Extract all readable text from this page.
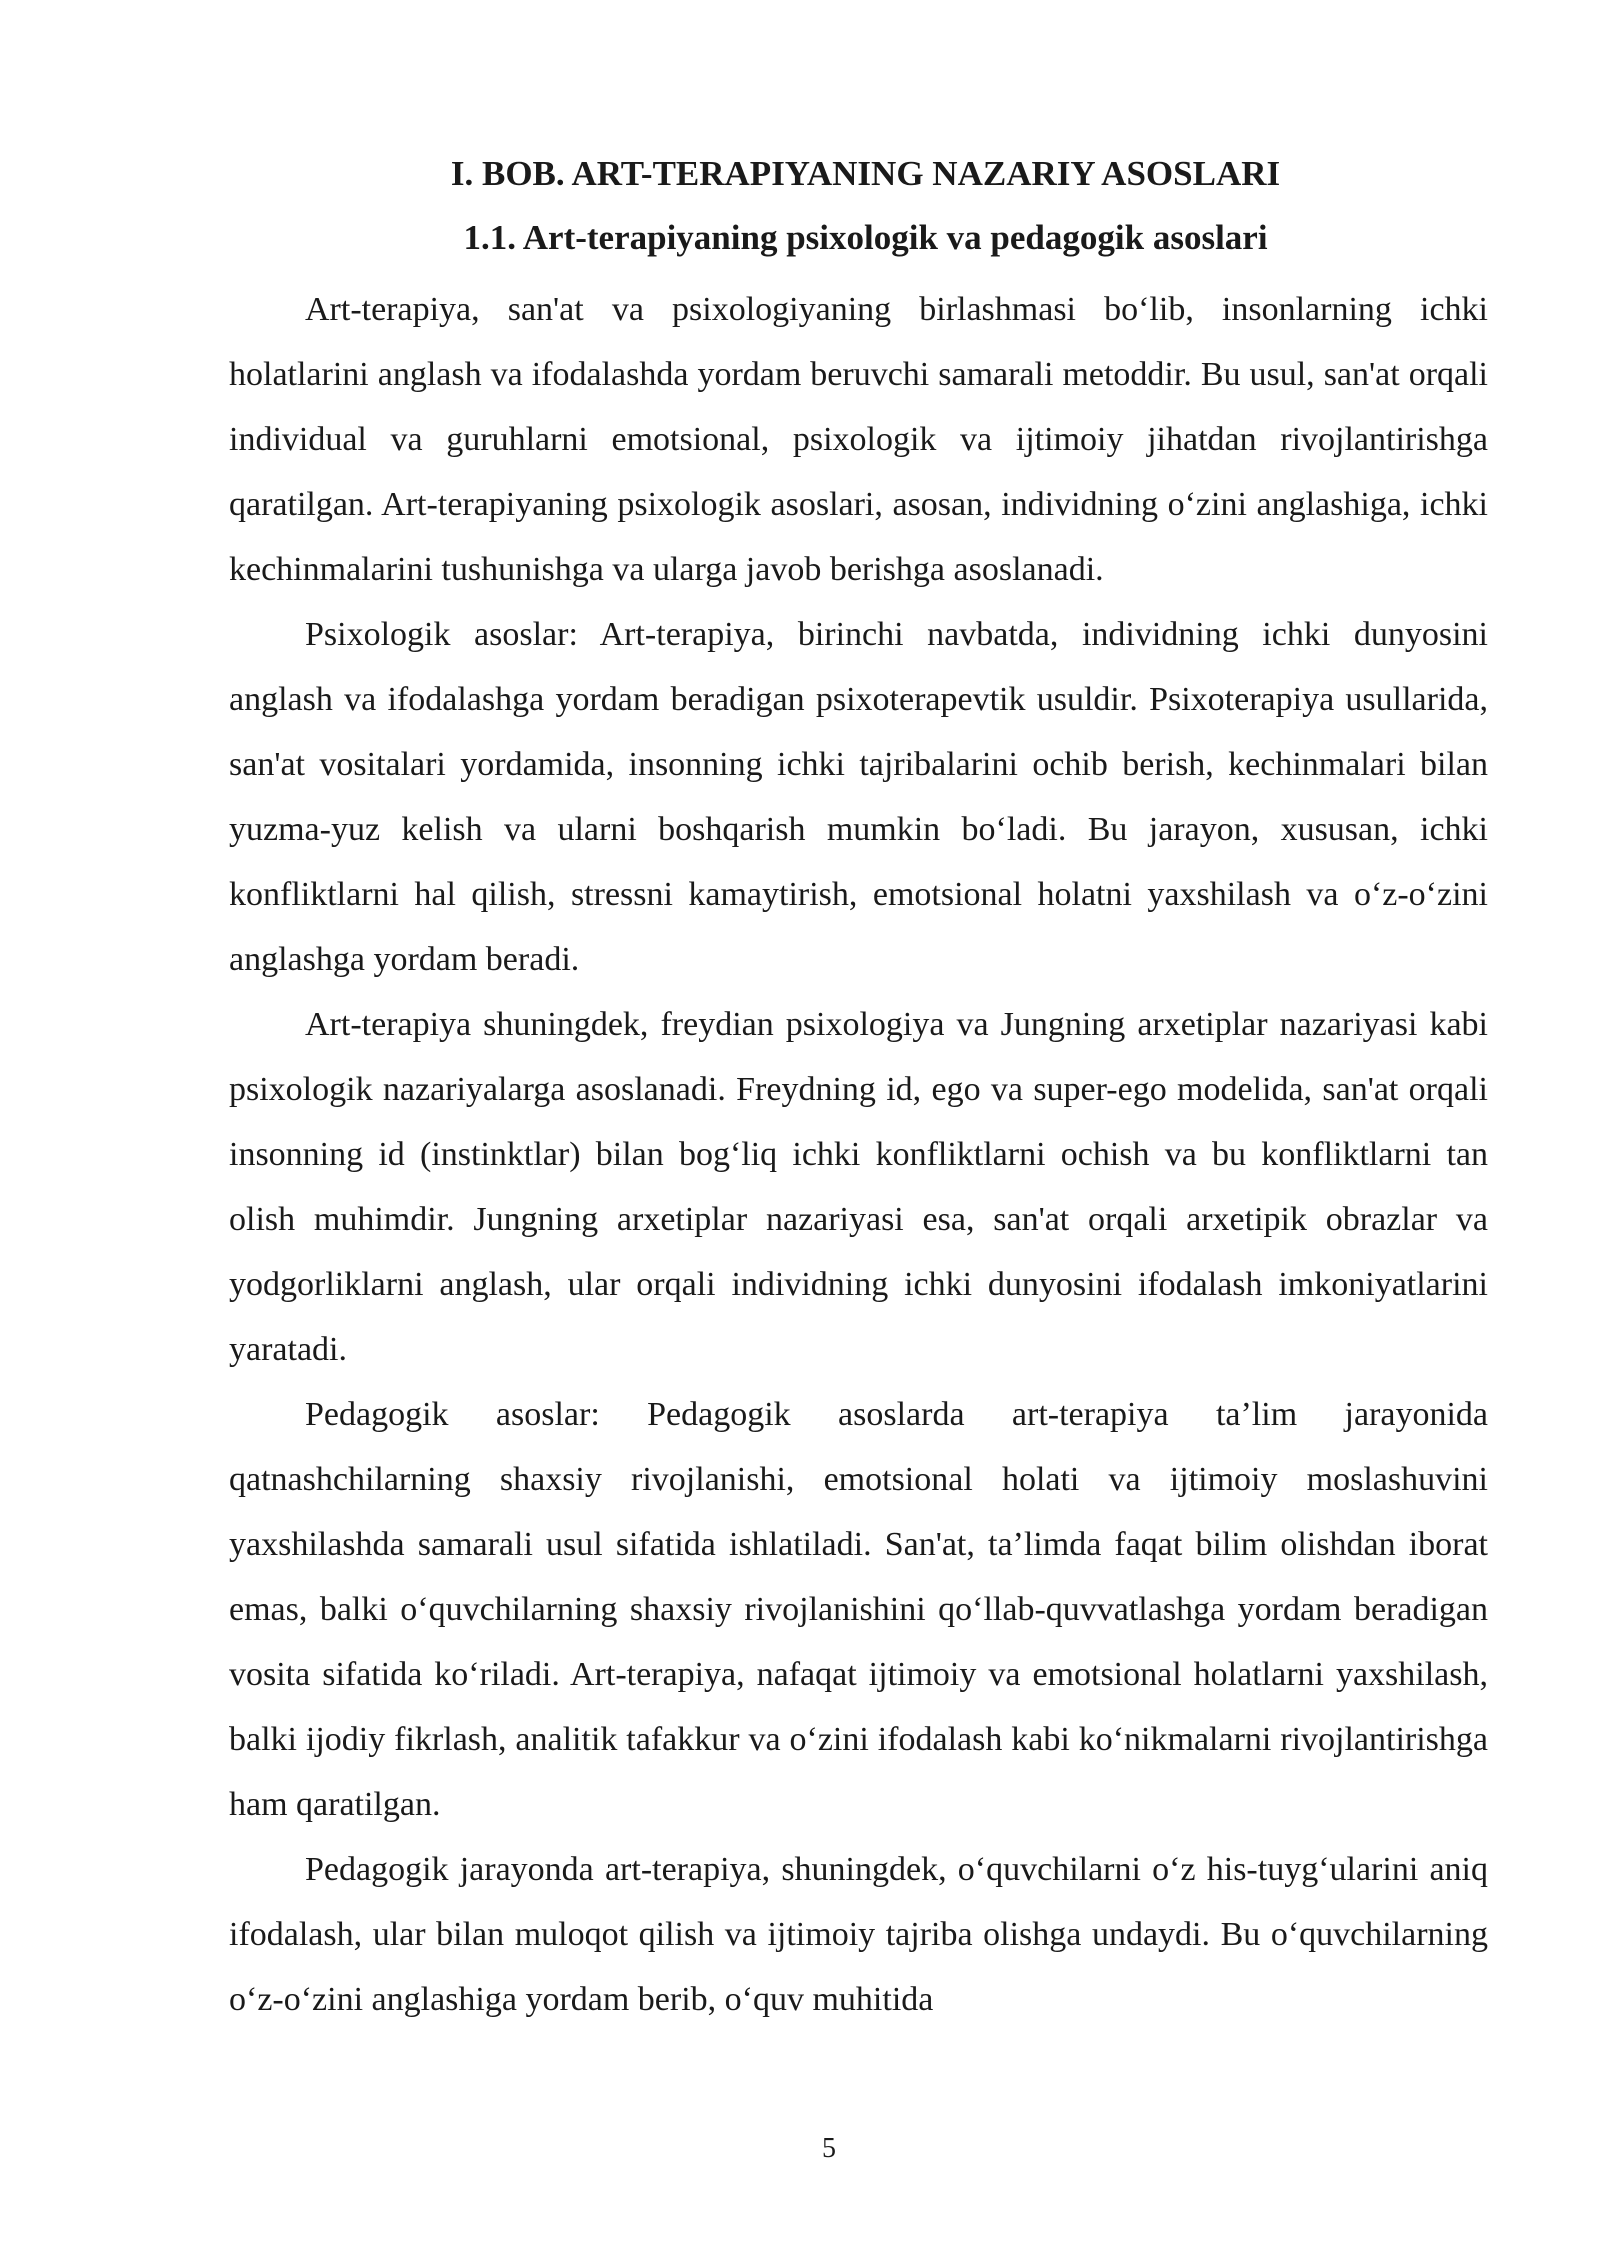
I. BOB. ART-TERAPIYANING NAZARIY ASOSLARI
1.1. Art-terapiyaning psixologik va pedagogik asoslari

Art-terapiya, san'at va psixologiyaning birlashmasi bo‘lib, insonlarning ichki holatlarini anglash va ifodalashda yordam beruvchi samarali metoddir. Bu usul, san'at orqali individual va guruhlarni emotsional, psixologik va ijtimoiy jihatdan rivojlantirishga qaratilgan. Art-terapiyaning psixologik asoslari, asosan, individning o‘zini anglashiga, ichki kechinmalarini tushunishga va ularga javob berishga asoslanadi.

Psixologik asoslar: Art-terapiya, birinchi navbatda, individning ichki dunyosini anglash va ifodalashga yordam beradigan psixoterapevtik usuldir. Psixoterapiya usullarida, san'at vositalari yordamida, insonning ichki tajribalarini ochib berish, kechinmalari bilan yuzma-yuz kelish va ularni boshqarish mumkin bo‘ladi. Bu jarayon, xususan, ichki konfliktlarni hal qilish, stressni kamaytirish, emotsional holatni yaxshilash va o‘z-o‘zini anglashga yordam beradi.

Art-terapiya shuningdek, freydian psixologiya va Jungning arxetiplar nazariyasi kabi psixologik nazariyalarga asoslanadi. Freydning id, ego va super-ego modelida, san'at orqali insonning id (instinktlar) bilan bog‘liq ichki konfliktlarni ochish va bu konfliktlarni tan olish muhimdir. Jungning arxetiplar nazariyasi esa, san'at orqali arxetipik obrazlar va yodgorliklarni anglash, ular orqali individning ichki dunyosini ifodalash imkoniyatlarini yaratadi.

Pedagogik asoslar: Pedagogik asoslarda art-terapiya ta’lim jarayonida qatnashchilarning shaxsiy rivojlanishi, emotsional holati va ijtimoiy moslashuvini yaxshilashda samarali usul sifatida ishlatiladi. San'at, ta’limda faqat bilim olishdan iborat emas, balki o‘quvchilarning shaxsiy rivojlanishini qo‘llab-quvvatlashga yordam beradigan vosita sifatida ko‘riladi. Art-terapiya, nafaqat ijtimoiy va emotsional holatlarni yaxshilash, balki ijodiy fikrlash, analitik tafakkur va o‘zini ifodalash kabi ko‘nikmalarni rivojlantirishga ham qaratilgan.

Pedagogik jarayonda art-terapiya, shuningdek, o‘quvchilarni o‘z his-tuyg‘ularini aniq ifodalash, ular bilan muloqot qilish va ijtimoiy tajriba olishga undaydi. Bu o‘quvchilarning o‘z-o‘zini anglashiga yordam berib, o‘quv muhitida

5
